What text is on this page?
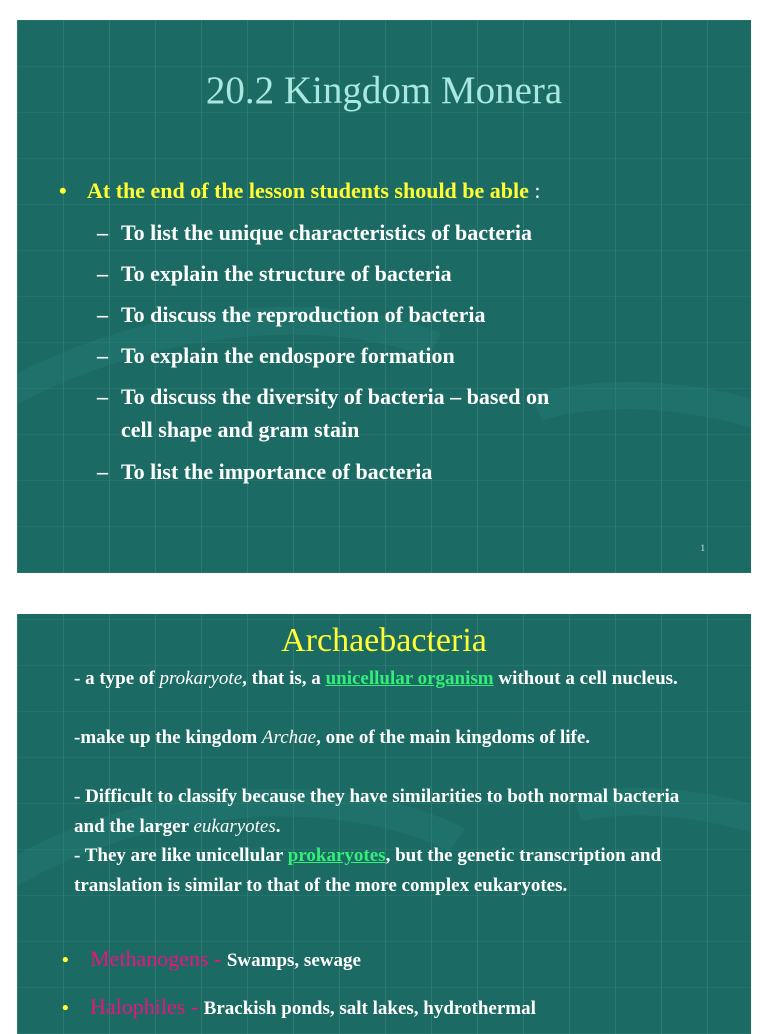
20.2 Kingdom Monera
• At the end of the lesson students should be able :
– To list the unique characteristics of bacteria
– To explain the structure of bacteria
– To discuss the reproduction of bacteria
– To explain the endospore formation
– To discuss the diversity of bacteria – based on
cell shape and gram stain
– To list the importance of bacteria
1
Archaebacteria
- a type of prokaryote, that is, a unicellular organism without a cell nucleus.
-make up the kingdom Archae, one of the main kingdoms of life.
- Difficult to classify because they have similarities to both normal bacteria and the larger eukaryotes.
- They are like unicellular prokaryotes, but the genetic transcription and translation is similar to that of the more complex eukaryotes.
• Methanogens - Swamps, sewage
• Halophiles - Brackish ponds, salt lakes, hydrothermal
